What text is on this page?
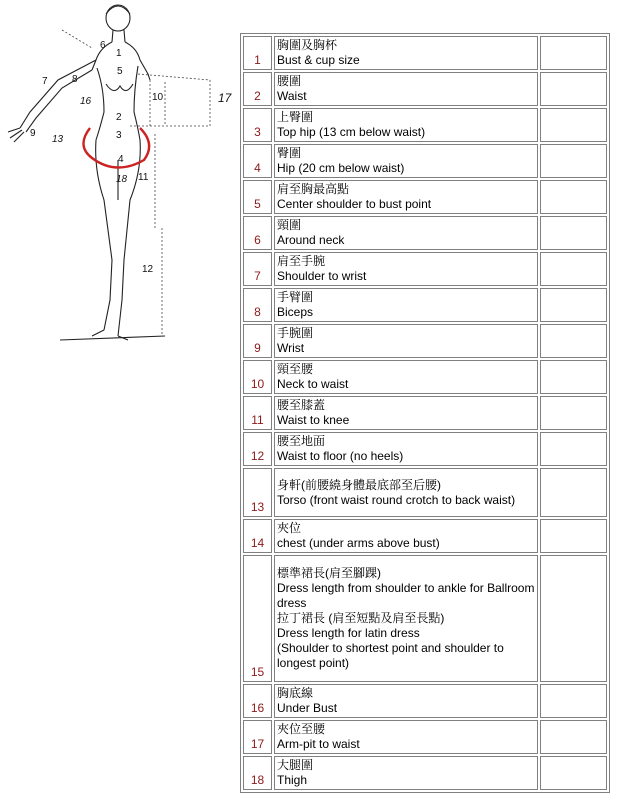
1
2
3
4
5
6
7 8
9
10
11
12
13
16	17
18
1	胸圍及胸杯
Bust & cup size	

2	腰圍
Waist	

3	上臀圍
Top hip (13 cm below waist)	

4	臀圍
Hip (20 cm below waist)	

5	肩至胸最高點
Center shoulder to bust point	

6	頸圍
Around neck	

7	肩至手腕
Shoulder to wrist	

8	手臂圍
Biceps	

9	手腕圍
Wrist	

10	頸至腰
Neck to waist	

11	腰至膝蓋
Waist to knee	

12	腰至地面
Waist to floor (no heels)	

13	身軒(前腰繞身體最底部至后腰)
Torso (front waist round crotch to back waist)	

14	夾位
chest (under arms above bust)	

15	標準裙長(肩至腳踝)
Dress length from shoulder to ankle for Ballroom dress
拉丁裙長 (肩至短點及肩至長點)
Dress length for latin dress
(Shoulder to shortest point and shoulder to longest point)	

16	胸底線
Under Bust	

17	夾位至腰
Arm-pit to waist	

18	大腿圍
Thigh	
